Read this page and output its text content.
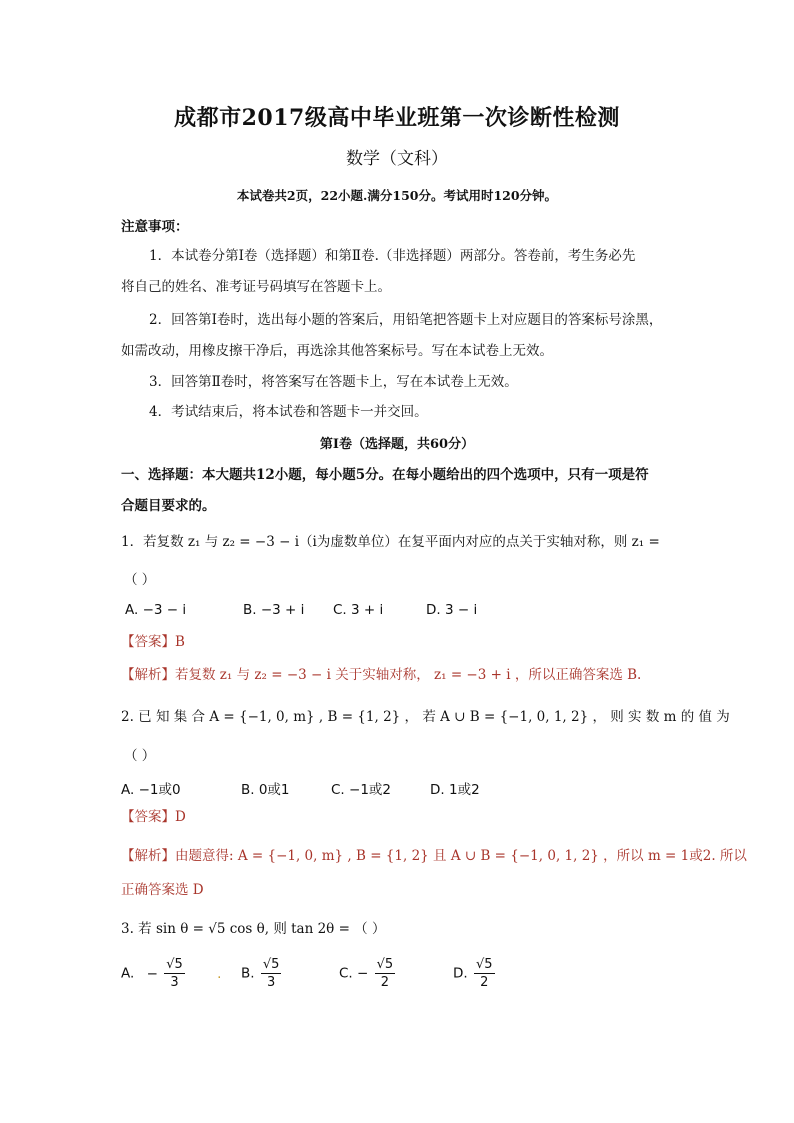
成都市2017级高中毕业班第一次诊断性检测
数学（文科）
本试卷共2页，22小题.满分150分。考试用时120分钟。
注意事项：
1．本试卷分第Ⅰ卷（选择题）和第Ⅱ卷.（非选择题）两部分。答卷前，考生务必先
将自己的姓名、准考证号码填写在答题卡上。
2．回答第Ⅰ卷时，选出每小题的答案后，用铅笔把答题卡上对应题目的答案标号涂黑，
如需改动，用橡皮擦干净后，再选涂其他答案标号。写在本试卷上无效。
3．回答第Ⅱ卷时，将答案写在答题卡上，写在本试卷上无效。
4．考试结束后，将本试卷和答题卡一并交回。
第Ⅰ卷（选择题，共60分）
一、选择题：本大题共12小题，每小题5分。在每小题给出的四个选项中，只有一项是符
合题目要求的。
1．若复数 z₁ 与 z₂ = −3 − i（i为虚数单位）在复平面内对应的点关于实轴对称，则 z₁ =
（ ）
A. −3 − i	B. −3 + i C. 3 + i	D. 3 − i
【答案】B
【解析】若复数 z₁ 与 z₂ = −3 − i 关于实轴对称， z₁ = −3 + i ，所以正确答案选 B.
2. 已 知 集 合 A = {−1, 0, m} , B = {1, 2} ， 若 A ∪ B = {−1, 0, 1, 2} ， 则 实 数 m 的 值 为
（ ）
A. −1或0	B. 0或1	C. −1或2	D. 1或2
【答案】D
【解析】由题意得: A = {−1, 0, m} , B = {1, 2} 且 A ∪ B = {−1, 0, 1, 2} ，所以 m = 1或2. 所以
正确答案选 D
3. 若 sin θ = √5 cos θ, 则 tan 2θ = （ ）
A. − $\frac{√5}{3}$ . B. $\frac{√5}{3}$	C. − $\frac{√5}{2}$	D. $\frac{√5}{2}$
